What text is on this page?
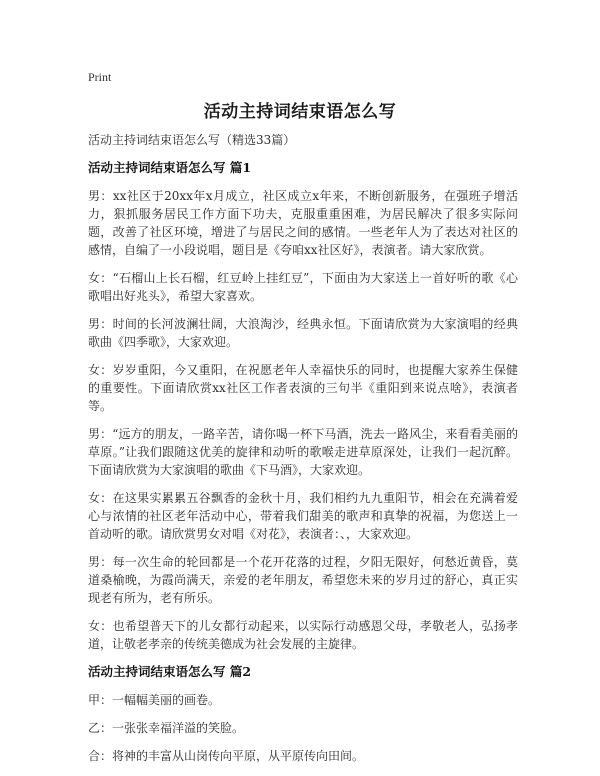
Print
活动主持词结束语怎么写

活动主持词结束语怎么写（精选33篇）

活动主持词结束语怎么写 篇1

男：xx社区于20xx年x月成立，社区成立x年来，不断创新服务，在强班子增活力，狠抓服务居民工作方面下功夫，克服重重困难，为居民解决了很多实际问题，改善了社区环境，增进了与居民之间的感情。一些老年人为了表达对社区的感情，自编了一小段说唱，题目是《夸咱xx社区好》，表演者。请大家欣赏。

女：“石榴山上长石榴，红豆岭上挂红豆”，下面由为大家送上一首好听的歌《心歌唱出好兆头》，希望大家喜欢。

男：时间的长河波澜壮阔，大浪淘沙，经典永恒。下面请欣赏为大家演唱的经典歌曲《四季歌》，大家欢迎。

女：岁岁重阳，今又重阳，在祝愿老年人幸福快乐的同时，也提醒大家养生保健的重要性。下面请欣赏xx社区工作者表演的三句半《重阳到来说点啥》，表演者等。

男：“远方的朋友，一路辛苦，请你喝一杯下马酒，洗去一路风尘，来看看美丽的草原。”让我们跟随这优美的旋律和动听的歌喉走进草原深处，让我们一起沉醉。下面请欣赏为大家演唱的歌曲《下马酒》，大家欢迎。

女：在这果实累累五谷飘香的金秋十月，我们相约九九重阳节，相会在充满着爱心与浓情的社区老年活动中心，带着我们甜美的歌声和真挚的祝福，为您送上一首动听的歌。请欣赏男女对唱《对花》，表演者：、，大家欢迎。

男：每一次生命的轮回都是一个花开花落的过程，夕阳无限好，何愁近黄昏，莫道桑榆晚，为霞尚满天，亲爱的老年朋友，希望您未来的岁月过的舒心，真正实现老有所为，老有所乐。

女：也希望普天下的儿女都行动起来，以实际行动感恩父母，孝敬老人，弘扬孝道，让敬老孝亲的传统美德成为社会发展的主旋律。

活动主持词结束语怎么写 篇2

甲：一幅幅美丽的画卷。

乙：一张张幸福洋溢的笑脸。

合：将神的丰富从山岗传向平原，从平原传向田间。
